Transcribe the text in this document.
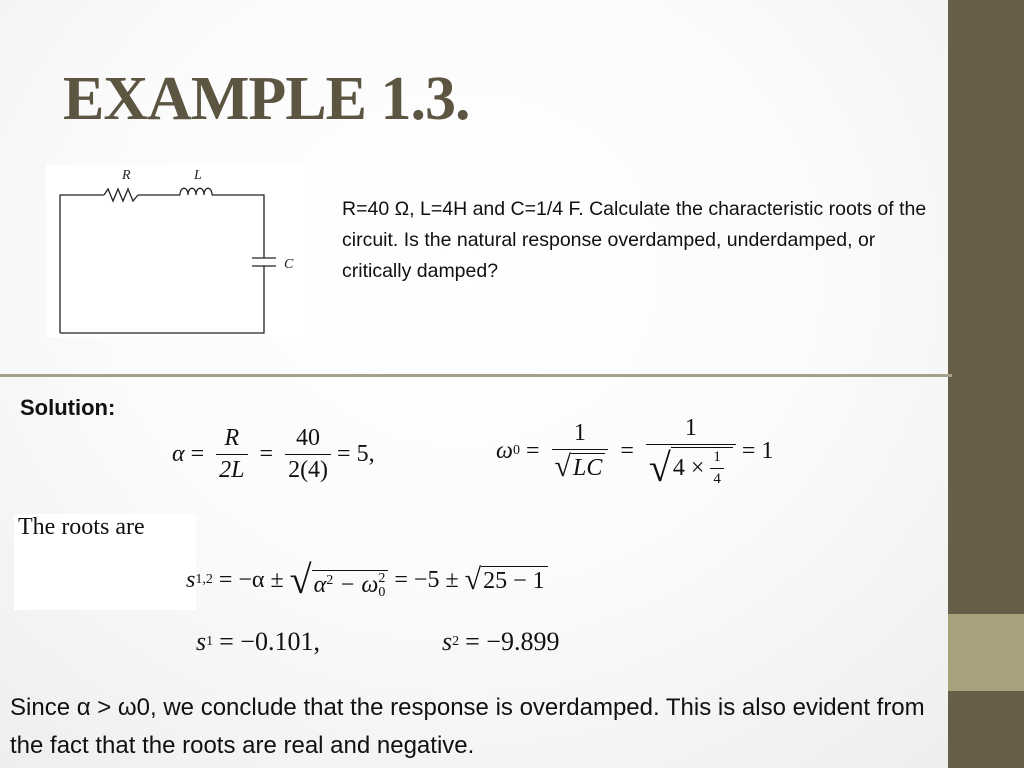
EXAMPLE 1.3.
R	L
C

R=40 Ω, L=4H and C=1/4 F. Calculate the characteristic roots of the circuit. Is the natural response overdamped, underdamped, or critically damped?

Solution:

$\alpha = \frac{R}{2L} = \frac{40}{2(4)} = 5$,	ω $0 = \frac{1}{√ LC} = \frac{1}{√ 4 \times \frac{1}{4}} = 1$

The roots are

s 1,2 = −α ± √ $\alpha^2 - \omega$ 2
0 = −5 ± √ 25 − 1
s 1 = −0.101,	s 2 = −9.899

Since α > ω0, we conclude that the response is overdamped. This is also evident from the fact that the roots are real and negative.
